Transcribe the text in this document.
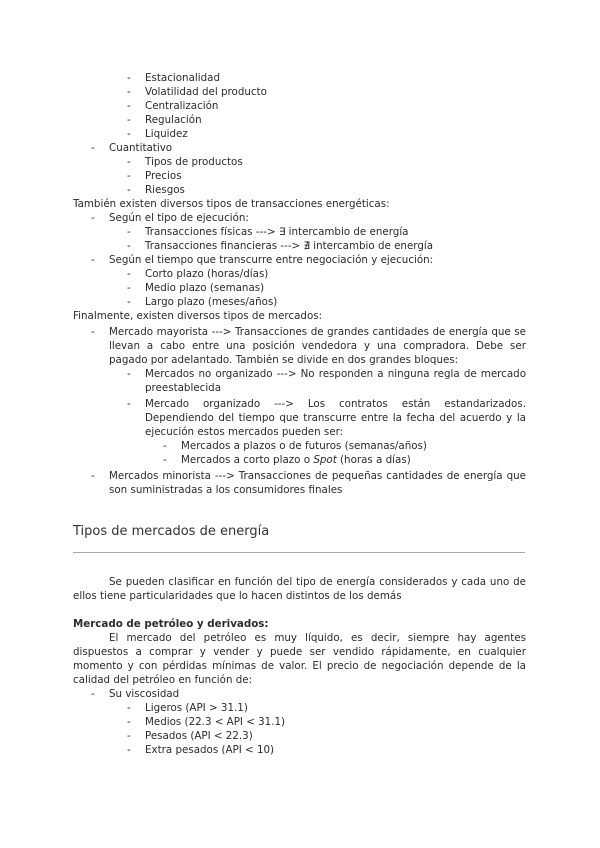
- Estacionalidad
- Volatilidad del producto
- Centralización
- Regulación
- Liquidez
- Cuantitativo
- Tipos de productos
- Precios
- Riesgos
También existen diversos tipos de transacciones energéticas:
- Según el tipo de ejecución:
- Transacciones físicas ---> ∃ intercambio de energía
- Transacciones financieras ---> ∄ intercambio de energía
- Según el tiempo que transcurre entre negociación y ejecución:
- Corto plazo (horas/días)
- Medio plazo (semanas)
- Largo plazo (meses/años)
Finalmente, existen diversos tipos de mercados:
- Mercado mayorista ---> Transacciones de grandes cantidades de energía que se llevan a cabo entre una posición vendedora y una compradora. Debe ser pagado por adelantado. También se divide en dos grandes bloques:
- Mercados no organizado ---> No responden a ninguna regla de mercado preestablecida
- Mercado organizado ---> Los contratos están estandarizados. Dependiendo del tiempo que transcurre entre la fecha del acuerdo y la ejecución estos mercados pueden ser:
- Mercados a plazos o de futuros (semanas/años)
- Mercados a corto plazo o Spot (horas a días)
- Mercados minorista ---> Transacciones de pequeñas cantidades de energía que son suministradas a los consumidores finales
Tipos de mercados de energía
Se pueden clasificar en función del tipo de energía considerados y cada uno de ellos tiene particularidades que lo hacen distintos de los demás
Mercado de petróleo y derivados:
El mercado del petróleo es muy líquido, es decir, siempre hay agentes dispuestos a comprar y vender y puede ser vendido rápidamente, en cualquier momento y con pérdidas mínimas de valor. El precio de negociación depende de la calidad del petróleo en función de:
- Su viscosidad
- Ligeros (API > 31.1)
- Medios (22.3 < API < 31.1)
- Pesados (API < 22.3)
- Extra pesados (API < 10)
